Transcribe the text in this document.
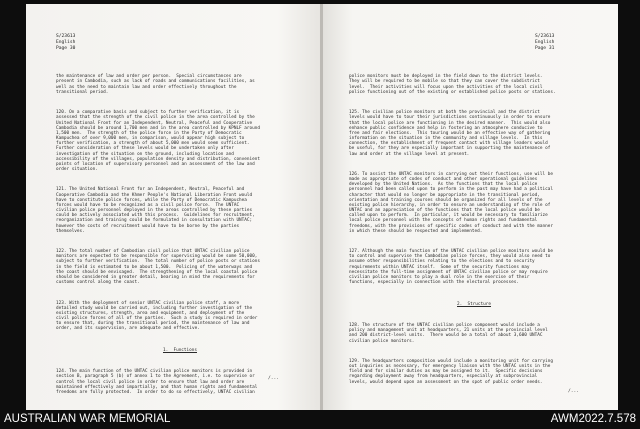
S/23613
English
Page 30

the maintenance of law and order per person.  Special circumstances are
present in Cambodia, such as lack of roads and communications facilities, as
well as the need to maintain law and order effectively throughout the
transitional period.

120. On a comparative basis and subject to further verification, it is
assessed that the strength of the civil police in the area controlled by the
United National Front for an Independent, Neutral, Peaceful and Cooperative
Cambodia should be around 1,700 men and in the area controlled by KPNLF around
1,500 men.  The strength of the police force in the Party of Democratic
Kampuchea of over 9,000 men, in comparison, would appear high subject to
further verification, a strength of about 5,000 men would seem sufficient.
Further consideration of these levels would be undertaken only after
investigation of the situation on the ground, including location and
accessibility of the villages, population density and distribution, convenient
points of location of supervisory personnel and an assessment of the law and
order situation.

121. The United National Front for an Independent, Neutral, Peaceful and
Cooperative Cambodia and the Khmer People's National Liberation Front would
have to constitute police forces, while the Party of Democratic Kampuchea
forces would have to be recognized as a civil police force.  The UNTAC
civilian police personnel deployed in the areas controlled by these parties
could be actively associated with this process.  Guidelines for recruitment,
reorganization and training could be formulated in consultation with UNTAC;
however the costs of recruitment would have to be borne by the parties
themselves.

122. The total number of Cambodian civil police that UNTAC civilian police
monitors are expected to be responsible for supervising would be some 50,000,
subject to further verification.  The total number of police posts or stations
in the field is estimated to be about 1,500.  Policing of the waterways and
the coast should be envisaged.  The strengthening of the local coastal police
should be considered in greater detail, bearing in mind the requirements for
customs control along the coast.

123. With the deployment of senior UNTAC civilian police staff, a more
detailed study would be carried out, including further investigation of the
existing structures, strength, area and equipment, and deployment of the
civil police forces of all of the parties.  Such a study is required in order
to ensure that, during the transitional period, the maintenance of law and
order, and its supervision, are adequate and effective.

1.  Functions

124. The main function of the UNTAC civilian police monitors is provided in
section B, paragraph 5 (b) of annex 1 to the Agreement, i.e. to supervise or
control the local civil police in order to ensure that law and order are
maintained effectively and impartially, and that human rights and fundamental
freedoms are fully protected.  In order to do so effectively, UNTAC civilian

/...
S/23613
English
Page 31

police monitors must be deployed in the field down to the district levels.
They will be required to be mobile so that they can cover the subdistrict
level.  Their activities will focus upon the activities of the local civil
police functioning out of the existing or established police posts or stations.

125. The civilian police monitors at both the provincial and the district
levels would have to tour their jurisdictions continuously in order to ensure
that the local police are functioning in the desired manner.  This would also
enhance public confidence and help in fostering an atmosphere conducive to
free and fair elections.  This touring would be an effective way of gathering
information on the situation in the community and village levels.  In this
connection, the establishment of frequent contact with village leaders would
be useful, for they are especially important in supporting the maintenance of
law and order at the village level at present.

126. To assist the UNTAC monitors in carrying out their functions, use will be
made as appropriate of codes of conduct and other operational guidelines
developed by the United Nations.  As the functions that the local police
personnel had been called upon to perform in the past may have had a political
character that would no longer be appropriate in the transitional period,
orientation and training courses should be organized for all levels of the
existing police hierarchy, in order to ensure an understanding of the role of
UNTAC and an appreciation of the functions that the local police would be
called upon to perform.  In particular, it would be necessary to familiarize
local police personnel with the concepts of human rights and fundamental
freedoms, with the provisions of specific codes of conduct and with the manner
in which these should be respected and implemented.

127. Although the main function of the UNTAC civilian police monitors would be
to control and supervise the Cambodian police forces, they would also need to
assume other responsibilities relating to the elections and to security
requirements within UNTAC itself.  Some of the security functions may
necessitate the full-time assignment of UNTAC civilian police or may require
civilian police monitors to play a dual role in the exercise of their
functions, especially in connection with the electoral processes.

2.  Structure

128. The structure of the UNTAC civilian police component would include a
policy and management unit at headquarters, 21 units at the provincial level
and 200 district-level units.  There would be a total of about 3,600 UNTAC
civilian police monitors.

129. The headquarters composition would include a monitoring unit for carrying
out inquiries as necessary, for emergency liaison with the UNTAC units in the
field and for similar duties as may be assigned to it.  Specific decisions
regarding deployment away from headquarters, especially at subprovincial
levels, would depend upon an assessment on the spot of public order needs.

/...
AUSTRALIAN WAR MEMORIAL	AWM2022.7.578
